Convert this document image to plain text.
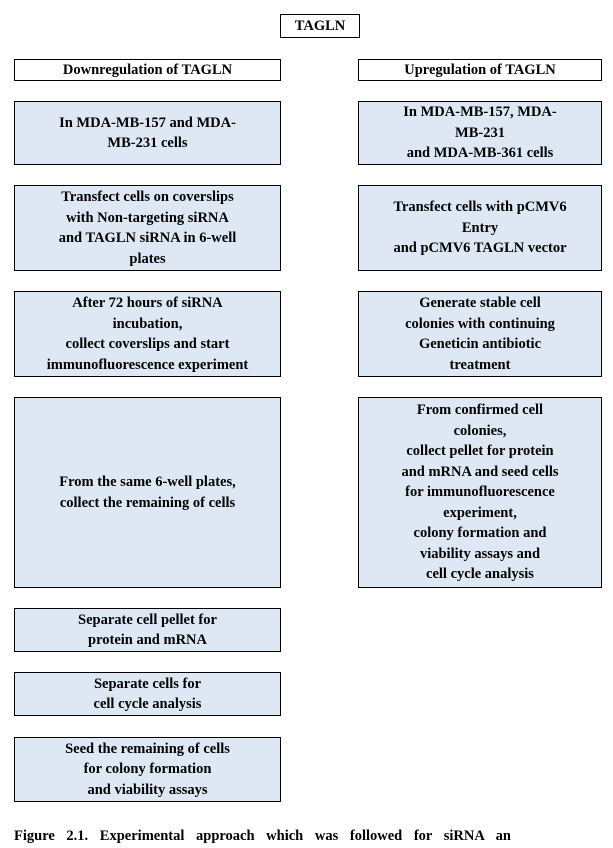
TAGLN
Downregulation of TAGLN
In MDA-MB-157 and MDA-
MB-231 cells
Transfect cells on coverslips
with Non-targeting siRNA
and TAGLN siRNA in 6-well
plates
After 72 hours of siRNA
incubation,
collect coverslips and start
immunofluorescence experiment
From the same 6-well plates,
collect the remaining of cells
Separate cell pellet for
protein and mRNA
Separate cells for
cell cycle analysis
Seed the remaining of cells
for colony formation
and viability assays
Upregulation of TAGLN
In MDA-MB-157, MDA-
MB-231
and MDA-MB-361 cells
Transfect cells with pCMV6
Entry
and pCMV6 TAGLN vector
Generate stable cell
colonies with continuing
Geneticin antibiotic
treatment
From confirmed cell
colonies,
collect pellet for protein
and mRNA and seed cells
for immunofluorescence
experiment,
colony formation and
viability assays and
cell cycle analysis
Figure 2.1. Experimental approach which was followed for siRNA an
